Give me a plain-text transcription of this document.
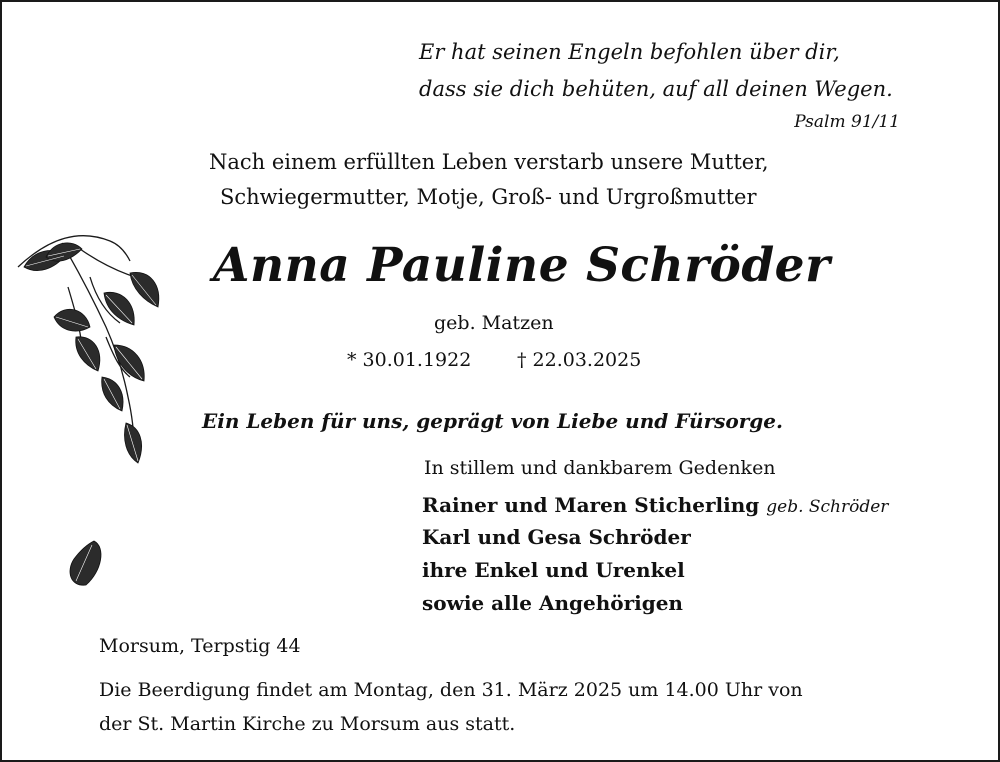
Er hat seinen Engeln befohlen über dir,
dass sie dich behüten, auf all deinen Wegen.
Psalm 91/11
Nach einem erfüllten Leben verstarb unsere Mutter,
Schwiegermutter, Motje, Groß- und Urgroßmutter
Anna Pauline Schröder
geb. Matzen
* 30.01.1922 † 22.03.2025
Ein Leben für uns, geprägt von Liebe und Fürsorge.
In stillem und dankbarem Gedenken
Rainer und Maren Sticherling geb. Schröder
Karl und Gesa Schröder
ihre Enkel und Urenkel
sowie alle Angehörigen
Morsum, Terpstig 44
Die Beerdigung findet am Montag, den 31. März 2025 um 14.00 Uhr von
der St. Martin Kirche zu Morsum aus statt.
